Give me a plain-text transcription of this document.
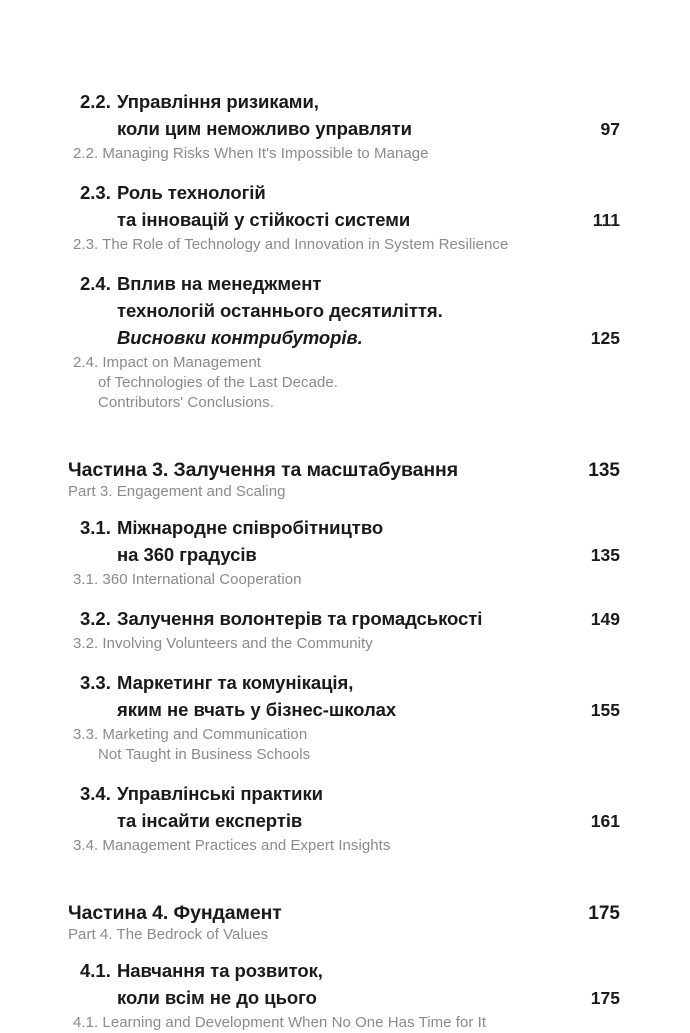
2.2. Управління ризиками,
коли цим неможливо управляти	97
2.2. Managing Risks When It's Impossible to Manage
2.3. Роль технологій
та інновацій у стійкості системи	111
2.3. The Role of Technology and Innovation in System Resilience
2.4. Вплив на менеджмент
технологій останнього десятиліття.
Висновки контрибуторів.	125
2.4. Impact on Management
of Technologies of the Last Decade.
Contributors' Conclusions.
Частина 3. Залучення та масштабування	135
Part 3. Engagement and Scaling
3.1. Міжнародне співробітництво
на 360 градусів	135
3.1. 360 International Cooperation
3.2. Залучення волонтерів та громадськості	149
3.2. Involving Volunteers and the Community
3.3. Маркетинг та комунікація,
яким не вчать у бізнес-школах	155
3.3. Marketing and Communication
Not Taught in Business Schools
3.4. Управлінські практики
та інсайти експертів	161
3.4. Management Practices and Expert Insights
Частина 4. Фундамент	175
Part 4. The Bedrock of Values
4.1. Навчання та розвиток,
коли всім не до цього	175
4.1. Learning and Development When No One Has Time for It
